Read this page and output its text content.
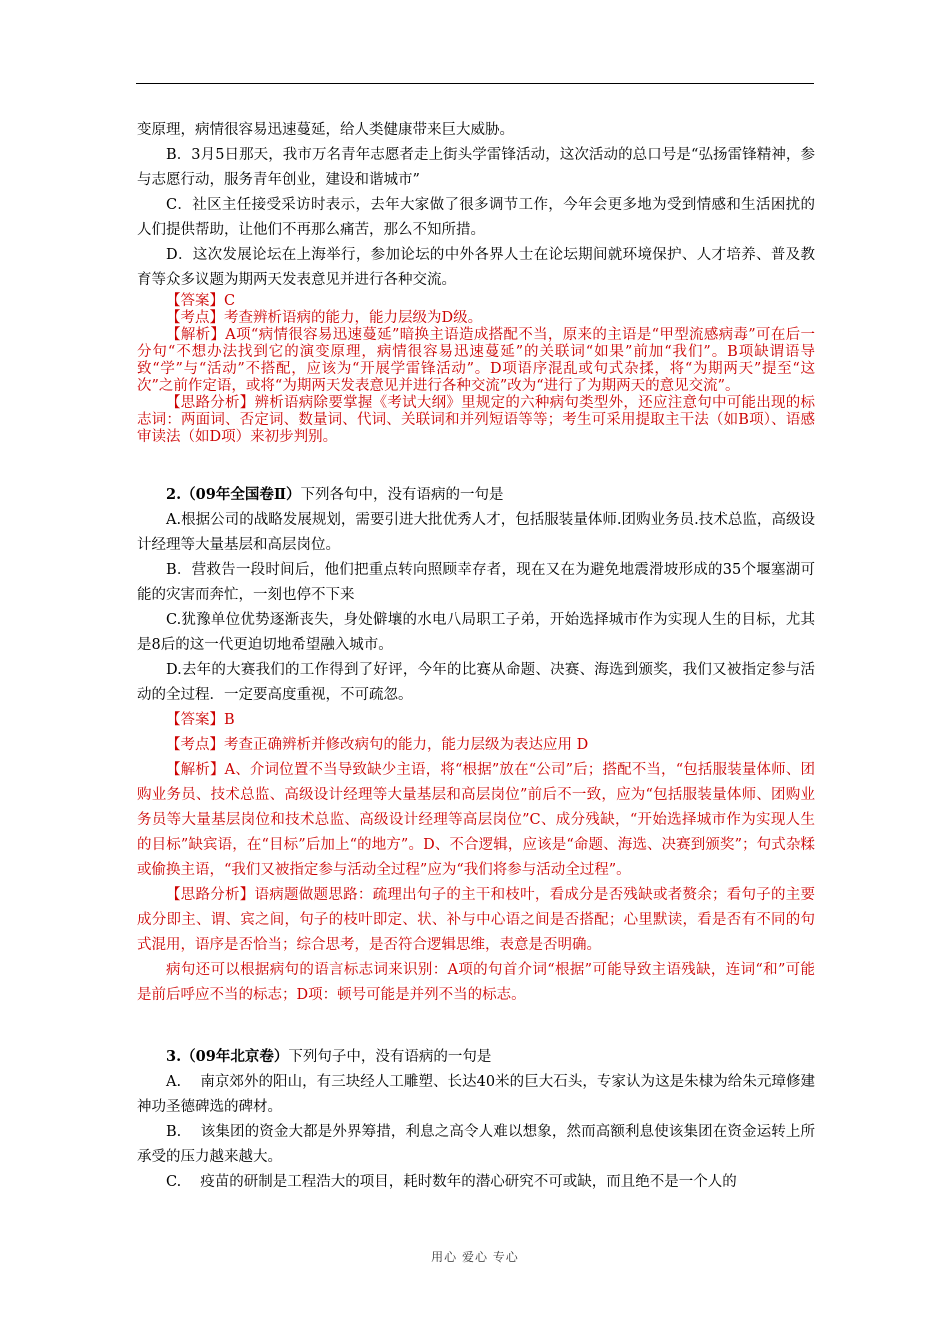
变原理，病情很容易迅速蔓延，给人类健康带来巨大威胁。

B．3月5日那天，我市万名青年志愿者走上街头学雷锋活动，这次活动的总口号是“弘扬雷锋精神，参与志愿行动，服务青年创业，建设和谐城市”

C．社区主任接受采访时表示，去年大家做了很多调节工作，今年会更多地为受到情感和生活困扰的人们提供帮助，让他们不再那么痛苦，那么不知所措。

D．这次发展论坛在上海举行，参加论坛的中外各界人士在论坛期间就环境保护、人才培养、普及教育等众多议题为期两天发表意见并进行各种交流。

【答案】C

【考点】考查辨析语病的能力，能力层级为D级。

【解析】A项“病情很容易迅速蔓延”暗换主语造成搭配不当，原来的主语是“甲型流感病毒”可在后一分句“不想办法找到它的演变原理，病情很容易迅速蔓延”的关联词“如果”前加“我们”。B项缺谓语导致“学”与“活动”不搭配，应该为“开展学雷锋活动”。D项语序混乱或句式杂揉，将“为期两天”提至“这次”之前作定语，或将“为期两天发表意见并进行各种交流”改为“进行了为期两天的意见交流”。

【思路分析】辨析语病除要掌握《考试大纲》里规定的六种病句类型外，还应注意句中可能出现的标志词：两面词、否定词、数量词、代词、关联词和并列短语等等；考生可采用提取主干法（如B项）、语感审读法（如D项）来初步判别。

2.（09年全国卷Ⅱ）下列各句中，没有语病的一句是

A.根据公司的战略发展规划，需要引进大批优秀人才，包括服装量体师.团购业务员.技术总监，高级设计经理等大量基层和高层岗位。

B．营救告一段时间后，他们把重点转向照顾幸存者，现在又在为避免地震滑坡形成的35个堰塞湖可能的灾害而奔忙，一刻也停不下来

C.犹豫单位优势逐渐丧失，身处僻壤的水电八局职工子弟，开始选择城市作为实现人生的目标，尤其是8后的这一代更迫切地希望融入城市。

D.去年的大赛我们的工作得到了好评，今年的比赛从命题、决赛、海选到颁奖，我们又被指定参与活动的全过程．一定要高度重视，不可疏忽。

【答案】B

【考点】考查正确辨析并修改病句的能力，能力层级为表达应用 D

【解析】A、介词位置不当导致缺少主语，将“根据”放在“公司”后；搭配不当，“包括服装量体师、团购业务员、技术总监、高级设计经理等大量基层和高层岗位”前后不一致，应为“包括服装量体师、团购业务员等大量基层岗位和技术总监、高级设计经理等高层岗位”C、成分残缺，“开始选择城市作为实现人生的目标”缺宾语，在“目标”后加上“的地方”。D、不合逻辑，应该是“命题、海选、决赛到颁奖”；句式杂糅或偷换主语，“我们又被指定参与活动全过程”应为“我们将参与活动全过程”。

【思路分析】语病题做题思路：疏理出句子的主干和枝叶，看成分是否残缺或者赘余；看句子的主要成分即主、谓、宾之间，句子的枝叶即定、状、补与中心语之间是否搭配；心里默读，看是否有不同的句式混用，语序是否恰当；综合思考，是否符合逻辑思维，表意是否明确。

病句还可以根据病句的语言标志词来识别：A项的句首介词“根据”可能导致主语残缺，连词“和”可能是前后呼应不当的标志；D项：顿号可能是并列不当的标志。

3.（09年北京卷）下列句子中，没有语病的一句是

A.　 南京郊外的阳山，有三块经人工雕塑、长达40米的巨大石头，专家认为这是朱棣为给朱元璋修建神功圣德碑选的碑材。

B.　 该集团的资金大都是外界筹措，利息之高令人难以想象，然而高额利息使该集团在资金运转上所承受的压力越来越大。

C.　 疫苗的研制是工程浩大的项目，耗时数年的潜心研究不可或缺，而且绝不是一个人的

用心 爱心 专心
